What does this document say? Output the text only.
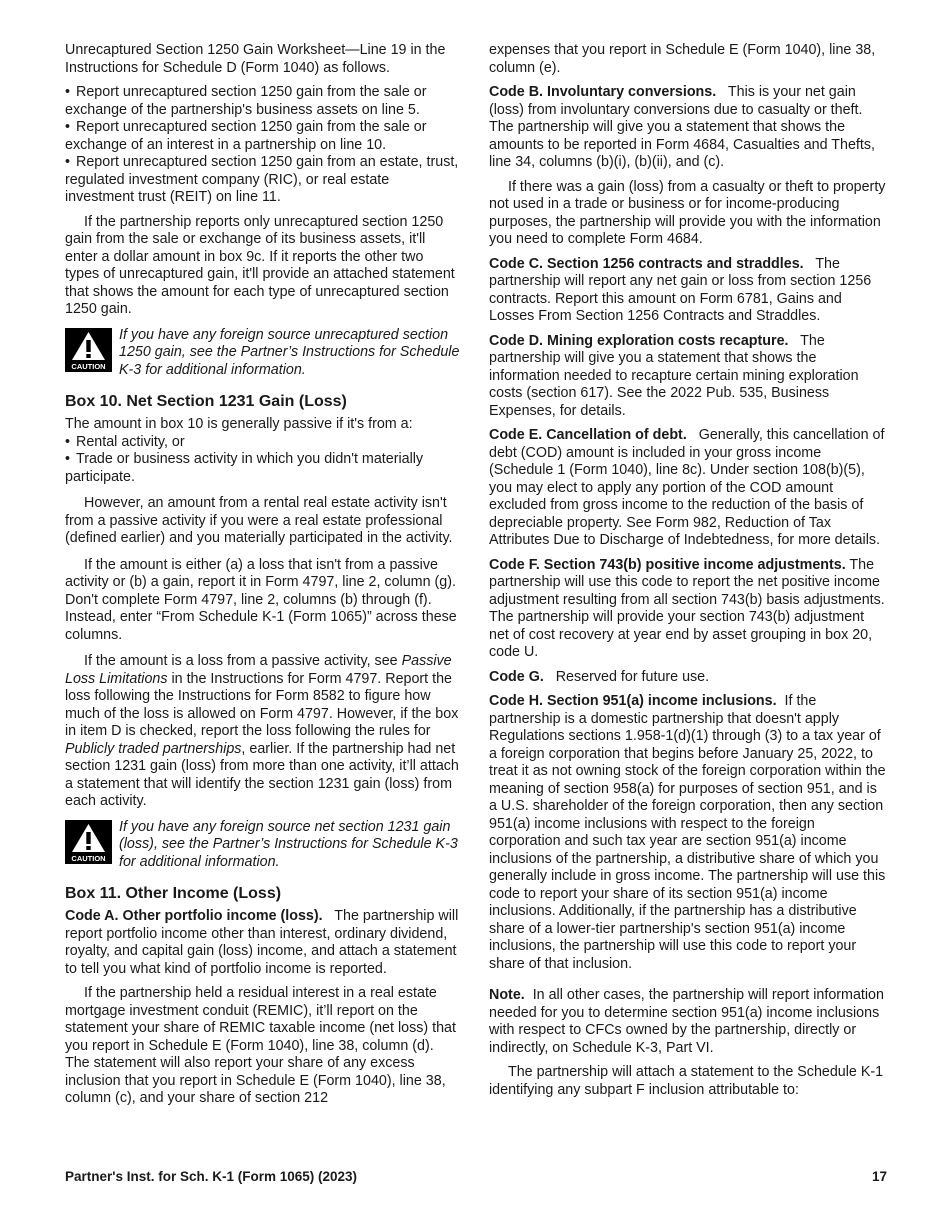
Unrecaptured Section 1250 Gain Worksheet—Line 19 in the Instructions for Schedule D (Form 1040) as follows.

• Report unrecaptured section 1250 gain from the sale or exchange of the partnership's business assets on line 5.

• Report unrecaptured section 1250 gain from the sale or exchange of an interest in a partnership on line 10.

• Report unrecaptured section 1250 gain from an estate, trust, regulated investment company (RIC), or real estate investment trust (REIT) on line 11.

If the partnership reports only unrecaptured section 1250 gain from the sale or exchange of its business assets, it'll enter a dollar amount in box 9c. If it reports the other two types of unrecaptured gain, it'll provide an attached statement that shows the amount for each type of unrecaptured section 1250 gain.

CAUTION
If you have any foreign source unrecaptured section 1250 gain, see the Partner’s Instructions for Schedule K-3 for additional information.
Box 10. Net Section 1231 Gain (Loss)

The amount in box 10 is generally passive if it's from a:

• Rental activity, or

• Trade or business activity in which you didn't materially participate.

However, an amount from a rental real estate activity isn't from a passive activity if you were a real estate professional (defined earlier) and you materially participated in the activity.

If the amount is either (a) a loss that isn't from a passive activity or (b) a gain, report it in Form 4797, line 2, column (g). Don't complete Form 4797, line 2, columns (b) through (f). Instead, enter “From Schedule K-1 (Form 1065)” across these columns.

If the amount is a loss from a passive activity, see Passive Loss Limitations in the Instructions for Form 4797. Report the loss following the Instructions for Form 8582 to figure how much of the loss is allowed on Form 4797. However, if the box in item D is checked, report the loss following the rules for Publicly traded partnerships, earlier. If the partnership had net section 1231 gain (loss) from more than one activity, it’ll attach a statement that will identify the section 1231 gain (loss) from each activity.

CAUTION
If you have any foreign source net section 1231 gain (loss), see the Partner’s Instructions for Schedule K-3 for additional information.
Box 11. Other Income (Loss)

Code A. Other portfolio income (loss). The partnership will report portfolio income other than interest, ordinary dividend, royalty, and capital gain (loss) income, and attach a statement to tell you what kind of portfolio income is reported.

If the partnership held a residual interest in a real estate mortgage investment conduit (REMIC), it’ll report on the statement your share of REMIC taxable income (net loss) that you report in Schedule E (Form 1040), line 38, column (d). The statement will also report your share of any excess inclusion that you report in Schedule E (Form 1040), line 38, column (c), and your share of section 212

expenses that you report in Schedule E (Form 1040), line 38, column (e).

Code B. Involuntary conversions. This is your net gain (loss) from involuntary conversions due to casualty or theft. The partnership will give you a statement that shows the amounts to be reported in Form 4684, Casualties and Thefts, line 34, columns (b)(i), (b)(ii), and (c).

If there was a gain (loss) from a casualty or theft to property not used in a trade or business or for income-producing purposes, the partnership will provide you with the information you need to complete Form 4684.

Code C. Section 1256 contracts and straddles. The partnership will report any net gain or loss from section 1256 contracts. Report this amount on Form 6781, Gains and Losses From Section 1256 Contracts and Straddles.

Code D. Mining exploration costs recapture. The partnership will give you a statement that shows the information needed to recapture certain mining exploration costs (section 617). See the 2022 Pub. 535, Business Expenses, for details.

Code E. Cancellation of debt. Generally, this cancellation of debt (COD) amount is included in your gross income (Schedule 1 (Form 1040), line 8c). Under section 108(b)(5), you may elect to apply any portion of the COD amount excluded from gross income to the reduction of the basis of depreciable property. See Form 982, Reduction of Tax Attributes Due to Discharge of Indebtedness, for more details.

Code F. Section 743(b) positive income adjustments. The partnership will use this code to report the net positive income adjustment resulting from all section 743(b) basis adjustments. The partnership will provide your section 743(b) adjustment net of cost recovery at year end by asset grouping in box 20, code U.

Code G. Reserved for future use.

Code H. Section 951(a) income inclusions. If the partnership is a domestic partnership that doesn't apply Regulations sections 1.958-1(d)(1) through (3) to a tax year of a foreign corporation that begins before January 25, 2022, to treat it as not owning stock of the foreign corporation within the meaning of section 958(a) for purposes of section 951, and is a U.S. shareholder of the foreign corporation, then any section 951(a) income inclusions with respect to the foreign corporation and such tax year are section 951(a) income inclusions of the partnership, a distributive share of which you generally include in gross income. The partnership will use this code to report your share of its section 951(a) income inclusions. Additionally, if the partnership has a distributive share of a lower-tier partnership's section 951(a) income inclusions, the partnership will use this code to report your share of that inclusion.

Note. In all other cases, the partnership will report information needed for you to determine section 951(a) income inclusions with respect to CFCs owned by the partnership, directly or indirectly, on Schedule K-3, Part VI.

The partnership will attach a statement to the Schedule K-1 identifying any subpart F inclusion attributable to:

Partner's Inst. for Sch. K-1 (Form 1065) (2023)	17
